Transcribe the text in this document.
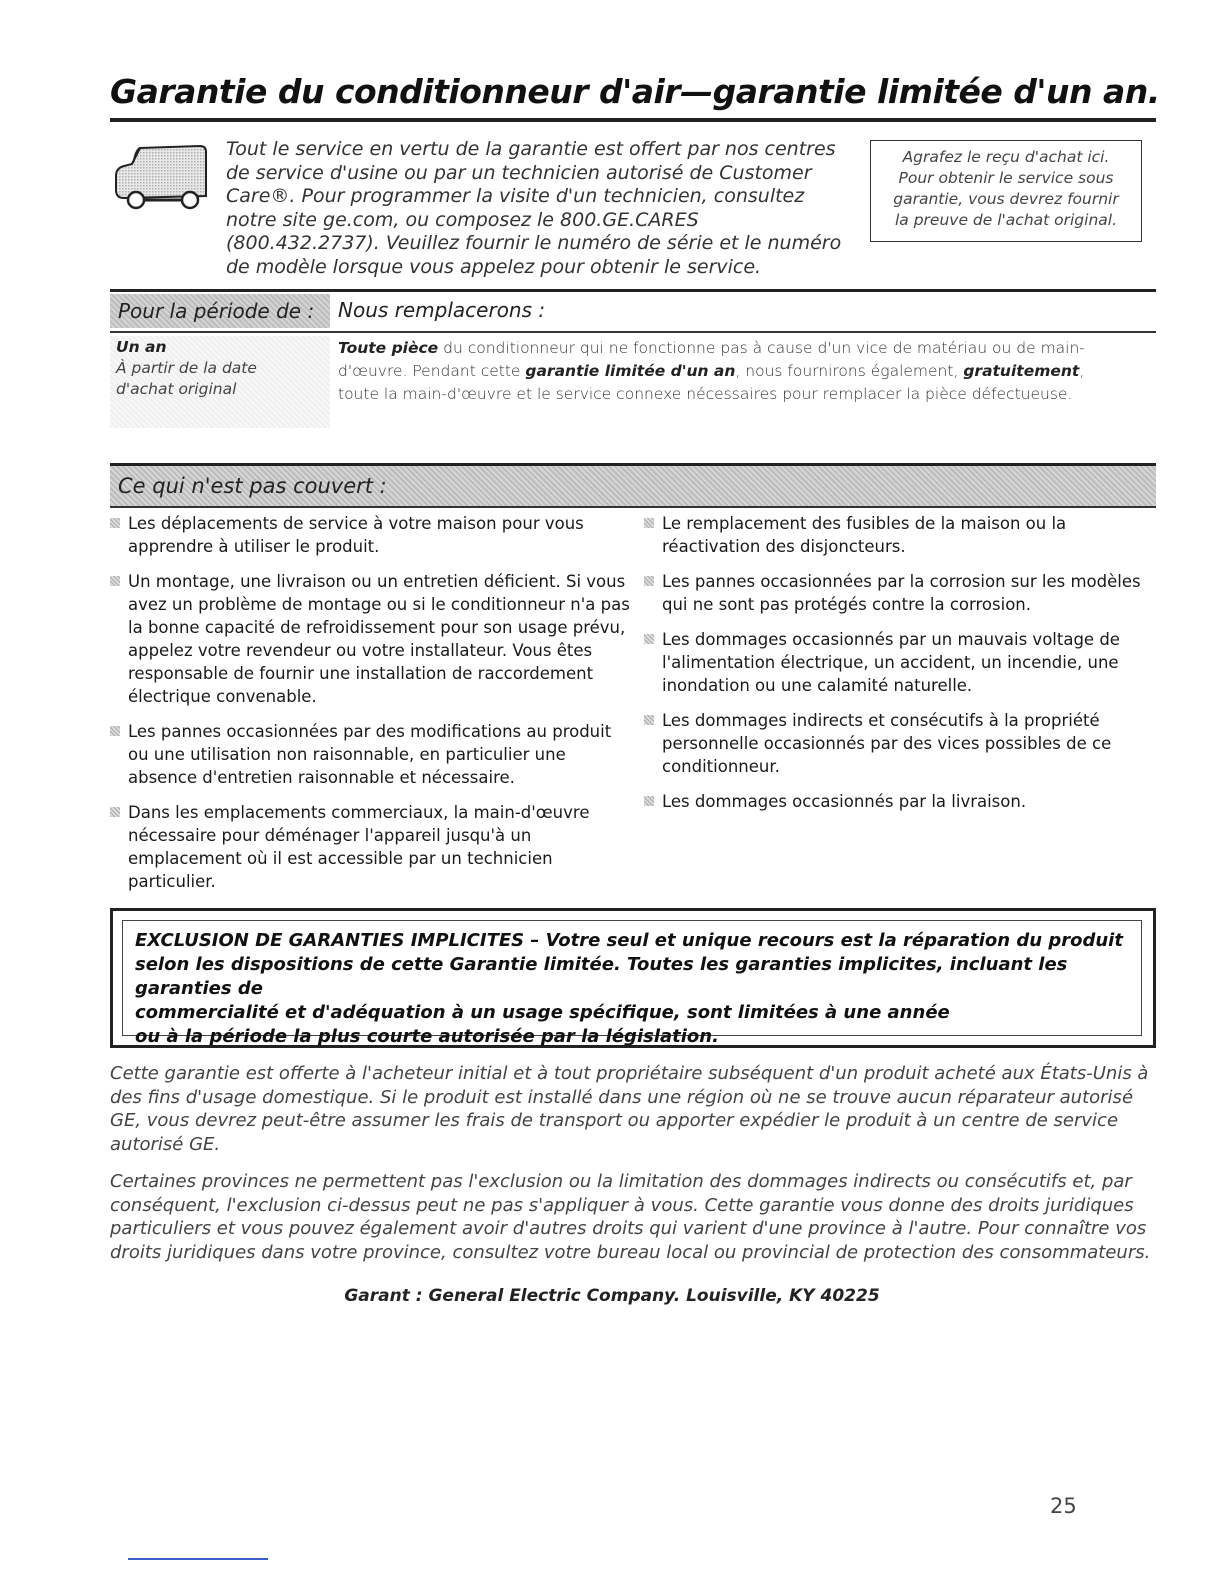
Garantie du conditionneur d'air—garantie limitée d'un an.
Tout le service en vertu de la garantie est offert par nos centres de service d'usine ou par un technicien autorisé de Customer Care®. Pour programmer la visite d'un technicien, consultez notre site ge.com, ou composez le 800.GE.CARES (800.432.2737). Veuillez fournir le numéro de série et le numéro de modèle lorsque vous appelez pour obtenir le service.
Agrafez le reçu d'achat ici.
Pour obtenir le service sous
garantie, vous devrez fournir
la preuve de l'achat original.
Pour la période de :	Nous remplacerons :
Un an
À partir de la date
d'achat original
Toute pièce du conditionneur qui ne fonctionne pas à cause d'un vice de matériau ou de main-d'œuvre. Pendant cette garantie limitée d'un an, nous fournirons également, gratuitement, toute la main-d'œuvre et le service connexe nécessaires pour remplacer la pièce défectueuse.
Ce qui n'est pas couvert :
Les déplacements de service à votre maison pour vous apprendre à utiliser le produit.
Un montage, une livraison ou un entretien déficient. Si vous avez un problème de montage ou si le conditionneur n'a pas la bonne capacité de refroidissement pour son usage prévu, appelez votre revendeur ou votre installateur. Vous êtes responsable de fournir une installation de raccordement électrique convenable.
Les pannes occasionnées par des modifications au produit ou une utilisation non raisonnable, en particulier une absence d'entretien raisonnable et nécessaire.
Dans les emplacements commerciaux, la main-d'œuvre nécessaire pour déménager l'appareil jusqu'à un emplacement où il est accessible par un technicien particulier.
Le remplacement des fusibles de la maison ou la réactivation des disjoncteurs.
Les pannes occasionnées par la corrosion sur les modèles qui ne sont pas protégés contre la corrosion.
Les dommages occasionnés par un mauvais voltage de l'alimentation électrique, un accident, un incendie, une inondation ou une calamité naturelle.
Les dommages indirects et consécutifs à la propriété personnelle occasionnés par des vices possibles de ce conditionneur.
Les dommages occasionnés par la livraison.
EXCLUSION DE GARANTIES IMPLICITES – Votre seul et unique recours est la réparation du produit
selon les dispositions de cette Garantie limitée. Toutes les garanties implicites, incluant les garanties de
commercialité et d'adéquation à un usage spécifique, sont limitées à une année
ou à la période la plus courte autorisée par la législation.

Cette garantie est offerte à l'acheteur initial et à tout propriétaire subséquent d'un produit acheté aux États-Unis à des fins d'usage domestique. Si le produit est installé dans une région où ne se trouve aucun réparateur autorisé GE, vous devrez peut-être assumer les frais de transport ou apporter expédier le produit à un centre de service autorisé GE.

Certaines provinces ne permettent pas l'exclusion ou la limitation des dommages indirects ou consécutifs et, par conséquent, l'exclusion ci-dessus peut ne pas s'appliquer à vous. Cette garantie vous donne des droits juridiques particuliers et vous pouvez également avoir d'autres droits qui varient d'une province à l'autre. Pour connaître vos droits juridiques dans votre province, consultez votre bureau local ou provincial de protection des consommateurs.

Garant : General Electric Company. Louisville, KY 40225
25
